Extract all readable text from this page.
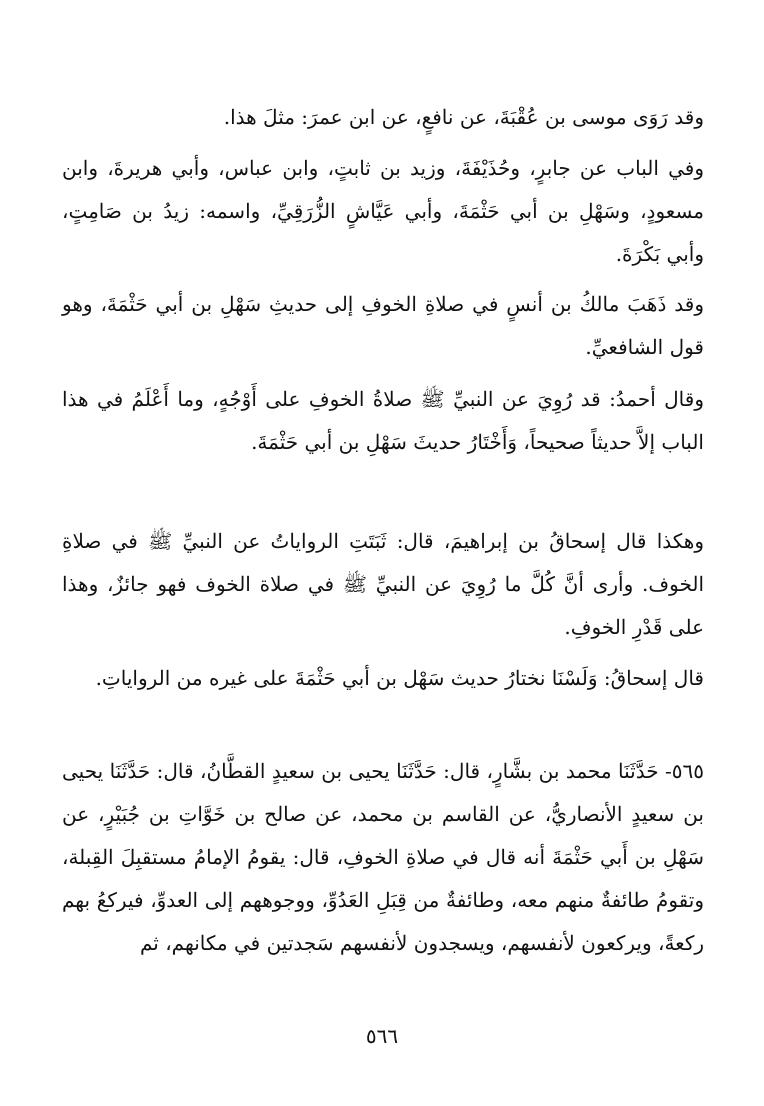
وقد رَوَى موسى بن عُقْبَةَ، عن نافعٍ، عن ابن عمرَ: مثلَ هذا.

وفي الباب عن جابرٍ، وحُذَيْفَةَ، وزيد بن ثابتٍ، وابن عباس، وأبي هريرةَ، وابن مسعودٍ، وسَهْلِ بن أبي حَثْمَةَ، وأبي عَيَّاشٍ الزُّرَقِيِّ، واسمه: زيدُ بن صَامِتٍ، وأبي بَكْرَةَ.

وقد ذَهَبَ مالكُ بن أنسٍ في صلاةِ الخوفِ إلى حديثِ سَهْلِ بن أبي حَثْمَةَ، وهو قول الشافعيِّ.

وقال أحمدُ: قد رُوِيَ عن النبيِّ ﷺ صلاةُ الخوفِ على أَوْجُهٍ، وما أَعْلَمُ في هذا الباب إلاَّ حديثاً صحيحاً، وَأَخْتَارُ حديثَ سَهْلِ بن أبي حَثْمَةَ.

وهكذا قال إسحاقُ بن إبراهيمَ، قال: ثَبَتَتِ الرواياتُ عن النبيِّ ﷺ في صلاةِ الخوف. وأرى أنَّ كُلَّ ما رُوِيَ عن النبيِّ ﷺ في صلاة الخوف فهو جائزٌ، وهذا على قَدْرِ الخوفِ.

قال إسحاقُ: وَلَسْنَا نختارُ حديث سَهْل بن أبي حَثْمَةَ على غيره من الرواياتِ.

٥٦٥- حَدَّثَنَا محمد بن بشَّارٍ، قال: حَدَّثَنَا يحيى بن سعيدٍ القطَّانُ، قال: حَدَّثَنَا يحيى بن سعيدٍ الأنصاريُّ، عن القاسم بن محمد، عن صالح بن خَوَّاتِ بن جُبَيْرٍ، عن سَهْلِ بن أَبي حَثْمَةَ أنه قال في صلاةِ الخوفِ، قال: يقومُ الإمامُ مستقبِلَ القِبلة، وتقومُ طائفةٌ منهم معه، وطائفةٌ من قِبَلِ العَدُوِّ، ووجوههم إلى العدوِّ، فيركعُ بهم ركعةً، ويركعون لأنفسهم، ويسجدون لأنفسهم سَجدتين في مكانهم، ثم

٥٦٦
